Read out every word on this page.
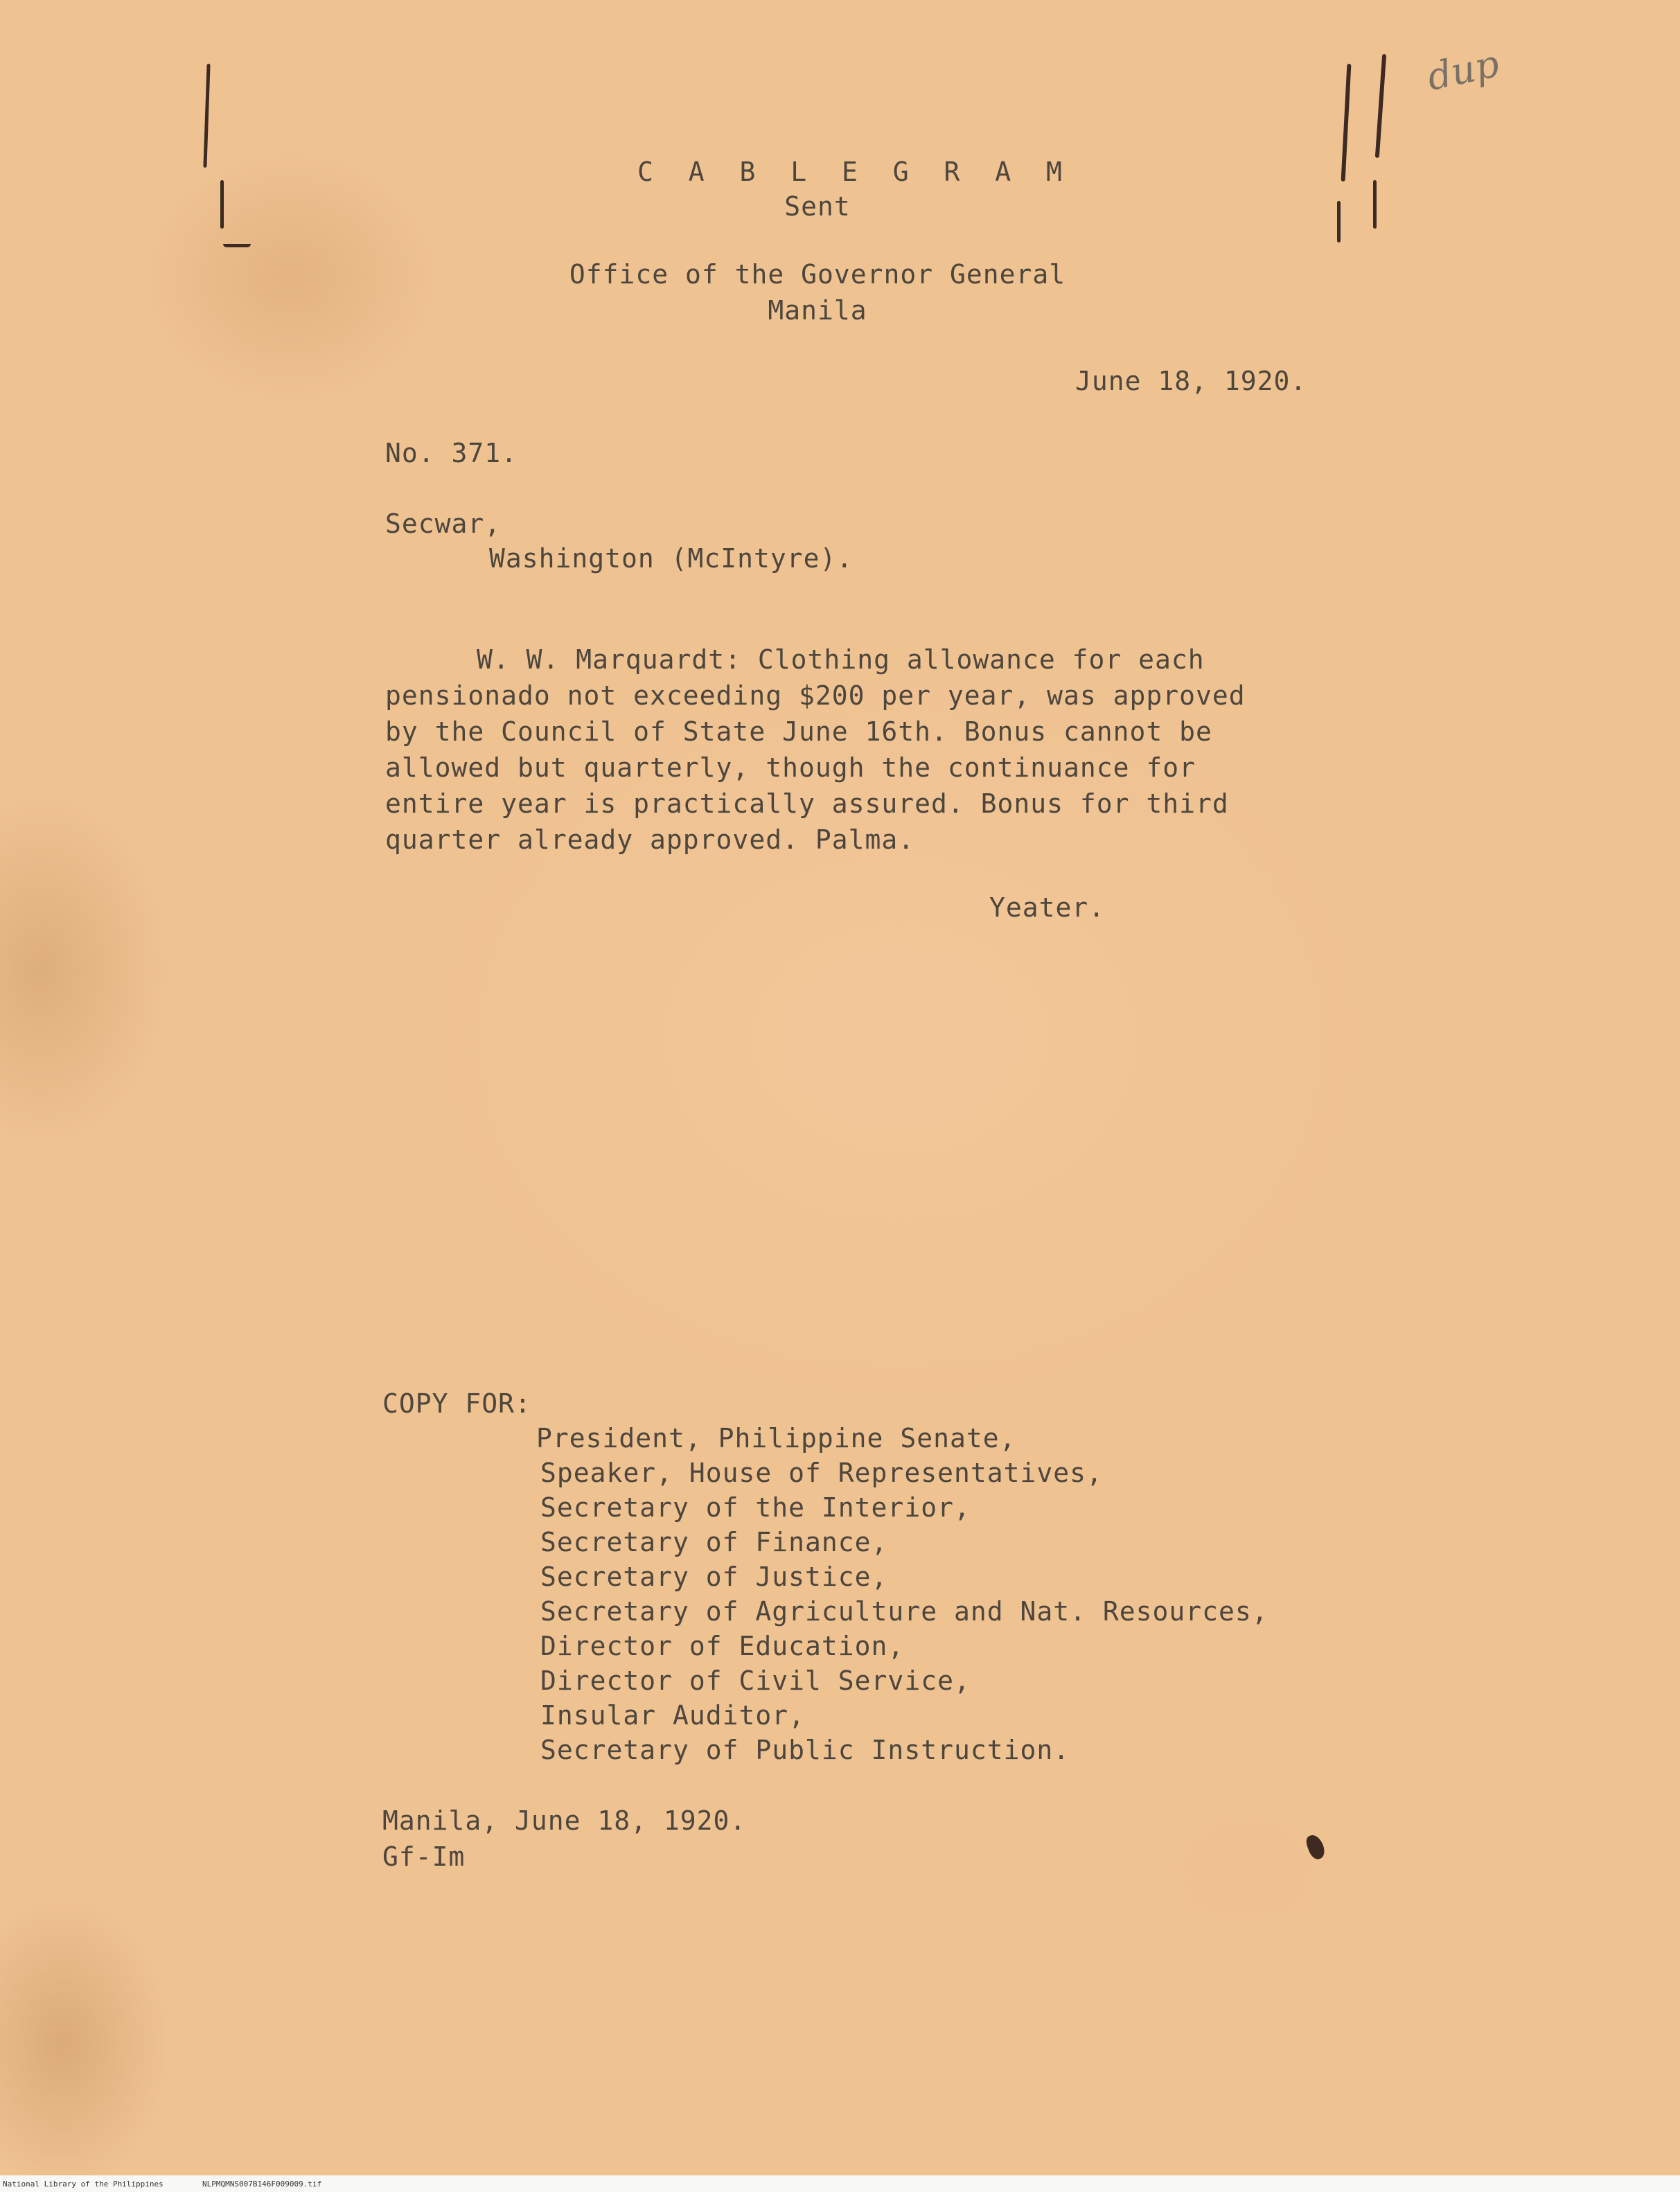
dup
C A B L E G R A M
Sent
Office of the Governor General
Manila
June 18, 1920.
No. 371.
Secwar,
Washington (McIntyre).
W. W. Marquardt: Clothing allowance for each
pensionado not exceeding $200 per year, was approved
by the Council of State June 16th. Bonus cannot be
allowed but quarterly, though the continuance for
entire year is practically assured. Bonus for third
quarter already approved. Palma.
Yeater.
COPY FOR:
President, Philippine Senate,
Speaker, House of Representatives,
Secretary of the Interior,
Secretary of Finance,
Secretary of Justice,
Secretary of Agriculture and Nat. Resources,
Director of Education,
Director of Civil Service,
Insular Auditor,
Secretary of Public Instruction.
Manila, June 18, 1920.
Gf-Im
National Library of the Philippines	NLPMQMNS007B146F009009.tif
